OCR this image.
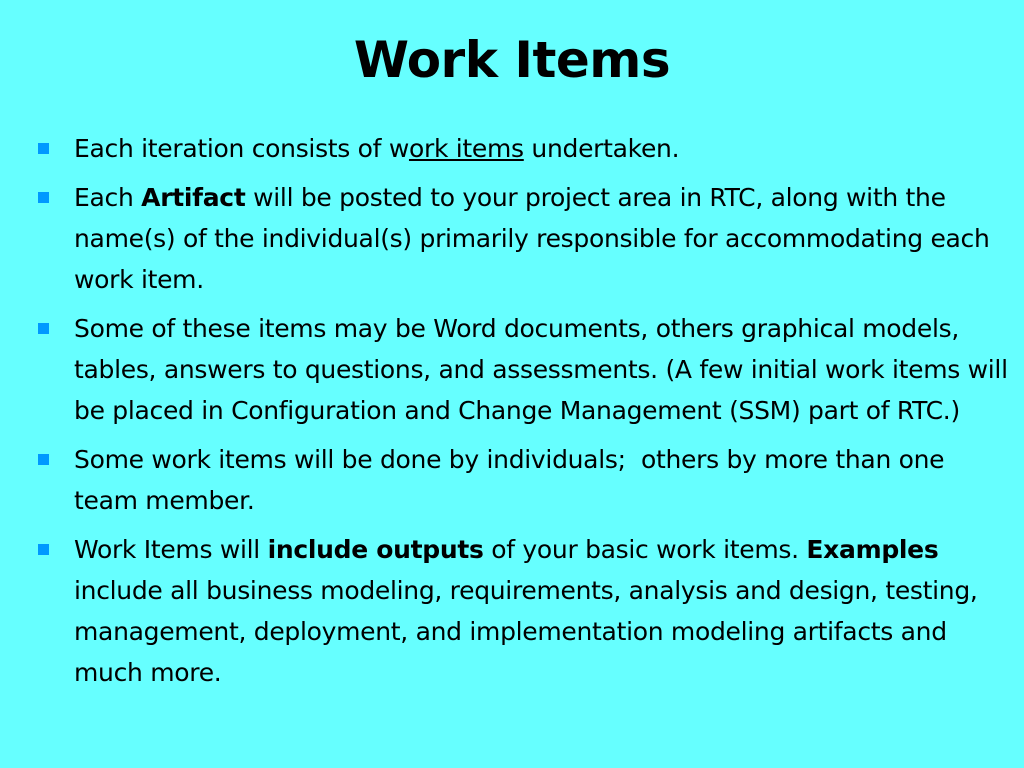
Work Items
Each iteration consists of work items undertaken.
Each Artifact will be posted to your project area in RTC, along with the name(s) of the individual(s) primarily responsible for accommodating each work item.
Some of these items may be Word documents, others graphical models, tables, answers to questions, and assessments. (A few initial work items will be placed in Configuration and Change Management (SSM) part of RTC.)
Some work items will be done by individuals;  others by more than one team member.
Work Items will include outputs of your basic work items. Examples include all business modeling, requirements, analysis and design, testing, management, deployment, and implementation modeling artifacts and much more.
